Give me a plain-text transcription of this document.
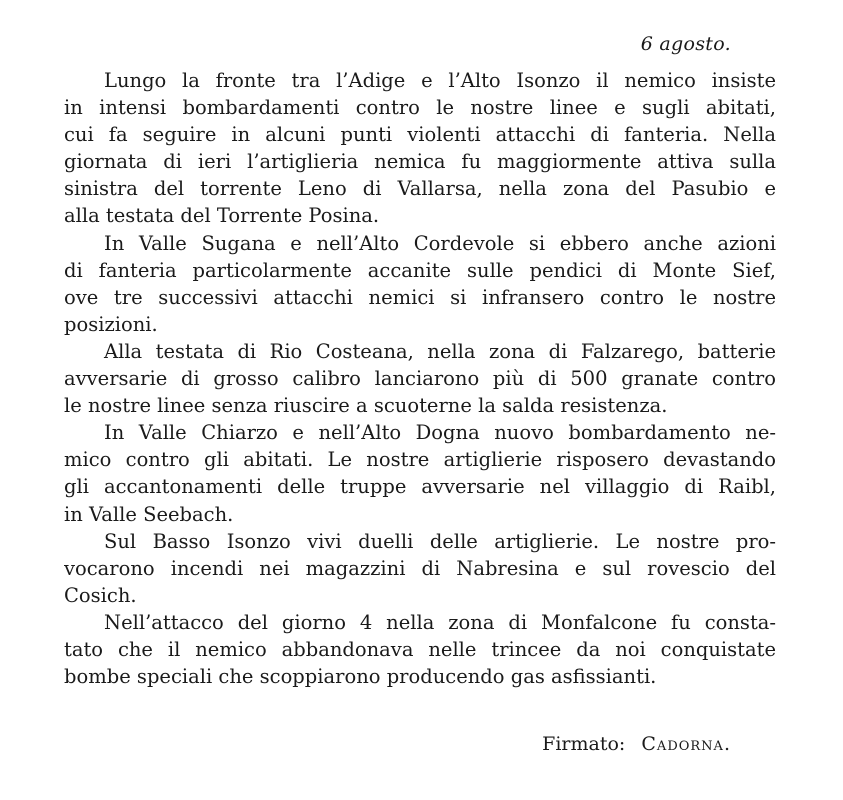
6 agosto.
Lungo la fronte tra l’Adige e l’Alto Isonzo il nemico insiste
in intensi bombardamenti contro le nostre linee e sugli abitati,
cui fa seguire in alcuni punti violenti attacchi di fanteria. Nella
giornata di ieri l’artiglieria nemica fu maggiormente attiva sulla
sinistra del torrente Leno di Vallarsa, nella zona del Pasubio e
alla testata del Torrente Posina.
In Valle Sugana e nell’Alto Cordevole si ebbero anche azioni
di fanteria particolarmente accanite sulle pendici di Monte Sief,
ove tre successivi attacchi nemici si infransero contro le nostre
posizioni.
Alla testata di Rio Costeana, nella zona di Falzarego, batterie
avversarie di grosso calibro lanciarono più di 500 granate contro
le nostre linee senza riuscire a scuoterne la salda resistenza.
In Valle Chiarzo e nell’Alto Dogna nuovo bombardamento ne-
mico contro gli abitati. Le nostre artiglierie risposero devastando
gli accantonamenti delle truppe avversarie nel villaggio di Raibl,
in Valle Seebach.
Sul Basso Isonzo vivi duelli delle artiglierie. Le nostre pro-
vocarono incendi nei magazzini di Nabresina e sul rovescio del
Cosich.
Nell’attacco del giorno 4 nella zona di Monfalcone fu consta-
tato che il nemico abbandonava nelle trincee da noi conquistate
bombe speciali che scoppiarono producendo gas asfissianti.
Firmato: Cadorna.
